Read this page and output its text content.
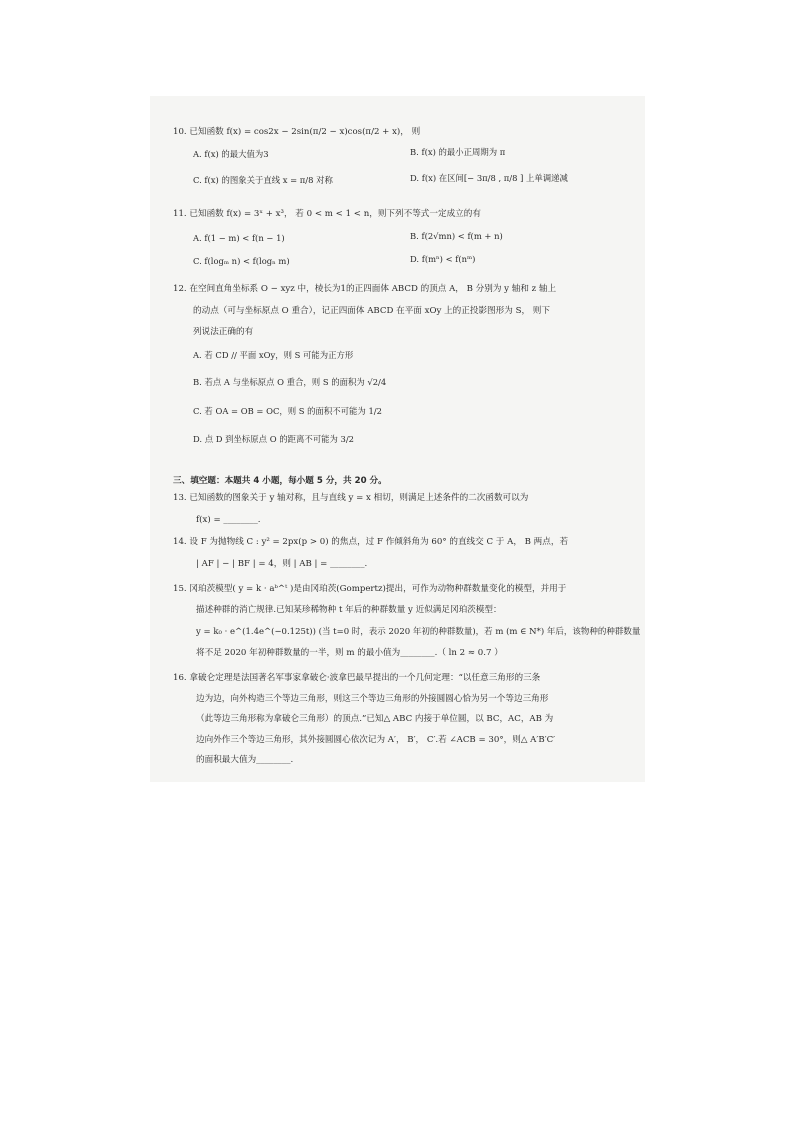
10. 已知函数 f(x) = cos2x − 2sin(π/2 − x)cos(π/2 + x)， 则
A. f(x) 的最大值为3	B. f(x) 的最小正周期为 π
C. f(x) 的图象关于直线 x = π/8 对称	D. f(x) 在区间[− 3π/8 , π/8 ] 上单调递减
11. 已知函数 f(x) = 3ˣ + x³， 若 0 < m < 1 < n，则下列不等式一定成立的有
A. f(1 − m) < f(n − 1)	B. f(2√mn) < f(m + n)
C. f(logₘ n) < f(logₙ m)	D. f(mⁿ) < f(nᵐ)
12. 在空间直角坐标系 O − xyz 中，棱长为1的正四面体 ABCD 的顶点 A， B 分别为 y 轴和 z 轴上
的动点（可与坐标原点 O 重合），记正四面体 ABCD 在平面 xOy 上的正投影图形为 S， 则下
列说法正确的有
A. 若 CD // 平面 xOy，则 S 可能为正方形
B. 若点 A 与坐标原点 O 重合，则 S 的面积为 √2/4
C. 若 OA = OB = OC，则 S 的面积不可能为 1/2
D. 点 D 到坐标原点 O 的距离不可能为 3/2
三、填空题：本题共 4 小题，每小题 5 分，共 20 分。
13. 已知函数的图象关于 y 轴对称，且与直线 y = x 相切，则满足上述条件的二次函数可以为
f(x) = ________.
14. 设 F 为抛物线 C : y² = 2px(p > 0) 的焦点，过 F 作倾斜角为 60° 的直线交 C 于 A， B 两点，若
| AF | − | BF | = 4，则 | AB | = ________.
15. 冈珀茨模型( y = k · aᵇ^ᵗ )是由冈珀茨(Gompertz)提出，可作为动物种群数量变化的模型，并用于
描述种群的消亡规律.已知某珍稀物种 t 年后的种群数量 y 近似满足冈珀茨模型：
y = k₀ · e^(1.4e^(−0.125t)) (当 t=0 时，表示 2020 年初的种群数量)，若 m (m ∈ N*) 年后，该物种的种群数量
将不足 2020 年初种群数量的一半，则 m 的最小值为________.（ ln 2 ≈ 0.7 ）
16. 拿破仑定理是法国著名军事家拿破仑·波拿巴最早提出的一个几何定理：“以任意三角形的三条
边为边，向外构造三个等边三角形，则这三个等边三角形的外接圆圆心恰为另一个等边三角形
（此等边三角形称为拿破仑三角形）的顶点.”已知△ ABC 内接于单位圆，以 BC，AC，AB 为
边向外作三个等边三角形，其外接圆圆心依次记为 A′， B′， C′.若 ∠ACB = 30°，则△ A′B′C′
的面积最大值为________.
